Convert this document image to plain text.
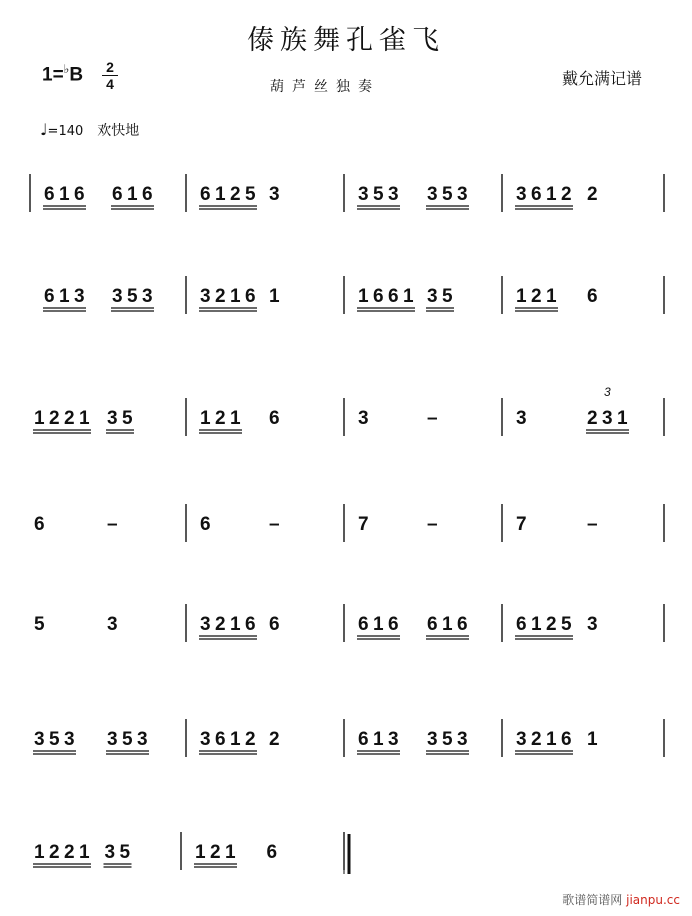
傣族舞孔雀飞
1=♭B 2
4	葫芦丝独奏	戴允满记谱
♩=140 欢快地
6 1 6 6 1 6 6 1 2 5 3	3 5 3 3 5 3	3 6 1 2 2
6 1 3 3 5 3 3 2 1 6 1	1 6 6 1 3 5	1 2 1 6
1 2 2 1 3 5	1 2 1 6	3	–	3	2 3 1
6	–	6	–	7	–	7	–
5	3	3 2 1 6 6	6 1 6 6 1 6	6 1 2 5 3
3 5 3 3 5 3	3 6 1 2 2	6 1 3 3 5 3	3 2 1 6 1
1 2 2 1 3 5	1 2 1 6
3
歌谱简谱网 jianpu.cc
